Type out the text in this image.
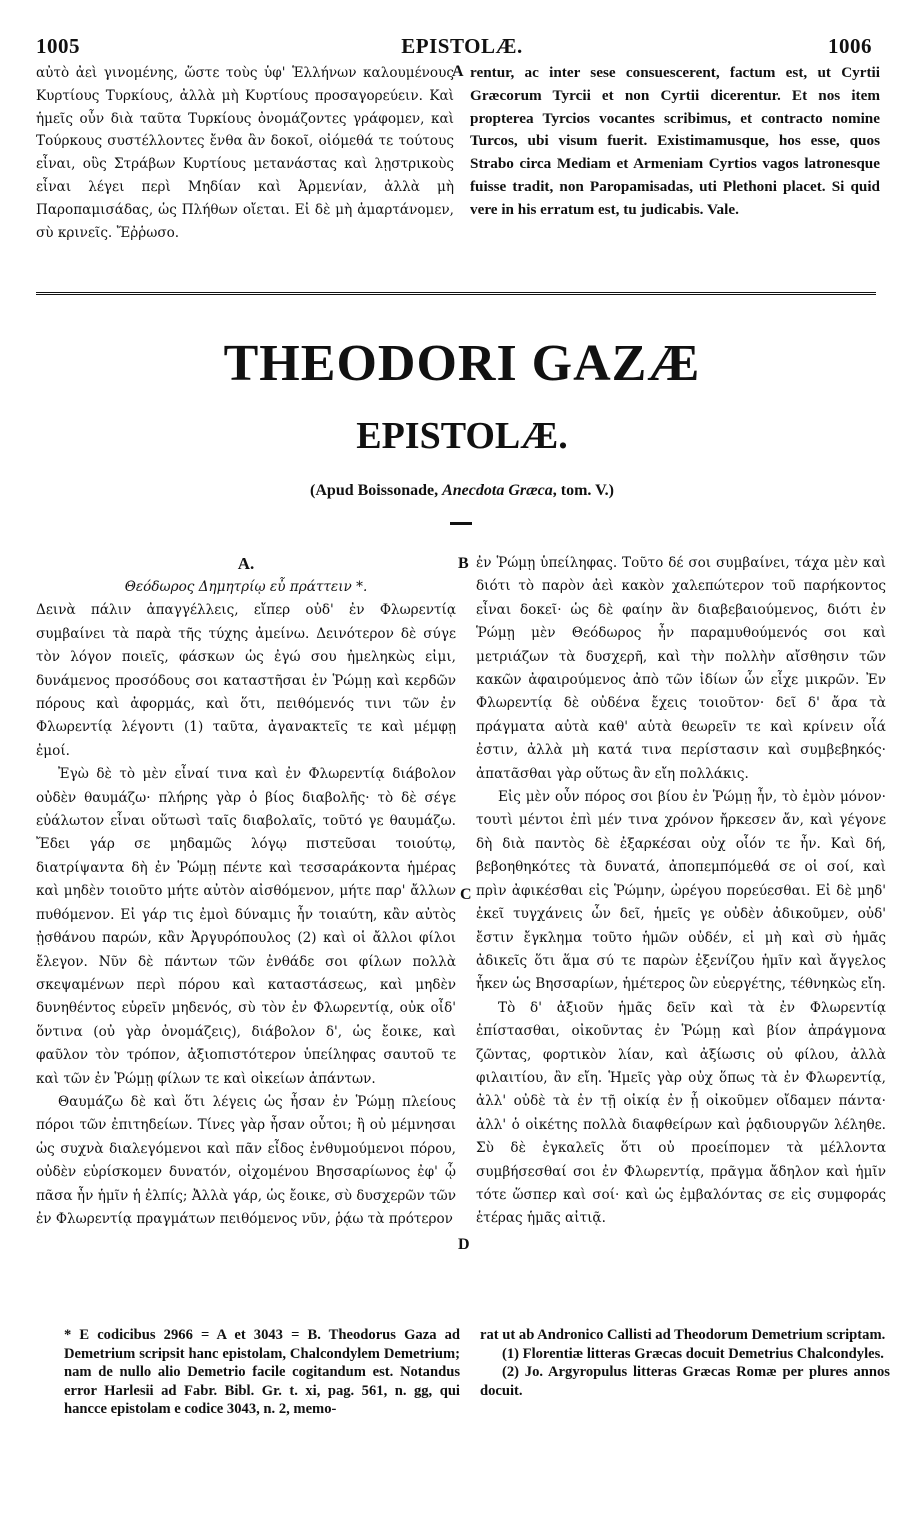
1005	EPISTOLÆ.	1006

αὐτὸ ἀεὶ γινομένης, ὥστε τοὺς ὑφ' Ἑλλήνων καλουμένους Κυρτίους Τυρκίους, ἀλλὰ μὴ Κυρτίους προσαγορεύειν. Καὶ ἡμεῖς οὖν διὰ ταῦτα Τυρκίους ὀνομάζοντες γράφομεν, καὶ Τούρκους συστέλλοντες ἔνθα ἂν δοκοῖ, οἰόμεθά τε τούτους εἶναι, οὓς Στράβων Κυρτίους μετανάστας καὶ λῃστρικοὺς εἶναι λέγει περὶ Μηδίαν καὶ Ἀρμενίαν, ἀλλὰ μὴ Παροπαμισάδας, ὡς Πλήθων οἴεται. Εἰ δὲ μὴ ἁμαρτάνομεν, σὺ κρινεῖς. Ἔῤῥωσο.

A rentur, ac inter sese consuescerent, factum est, ut Cyrtii Græcorum Tyrcii et non Cyrtii dicerentur. Et nos item propterea Tyrcios vocantes scribimus, et contracto nomine Turcos, ubi visum fuerit. Existimamusque, hos esse, quos Strabo circa Mediam et Armeniam Cyrtios vagos latronesque fuisse tradit, non Paropamisadas, uti Plethoni placet. Si quid vere in his erratum est, tu judicabis. Vale.

THEODORI GAZÆ
EPISTOLÆ.
(Apud Boissonade, Anecdota Græca, tom. V.)

A.

Θεόδωρος Δημητρίῳ εὖ πράττειν *.

Δεινὰ πάλιν ἀπαγγέλλεις, εἴπερ οὐδ' ἐν Φλωρεντίᾳ συμβαίνει τὰ παρὰ τῆς τύχης ἀμείνω. Δεινότερον δὲ σύγε τὸν λόγον ποιεῖς, φάσκων ὡς ἐγώ σου ἠμεληκὼς εἰμι, δυνάμενος προσόδους σοι καταστῆσαι ἐν Ῥώμῃ καὶ κερδῶν πόρους καὶ ἀφορμάς, καὶ ὅτι, πειθόμενός τινι τῶν ἐν Φλωρεντίᾳ λέγοντι (1) ταῦτα, ἀγανακτεῖς τε καὶ μέμφῃ ἐμοί.

Ἐγὼ δὲ τὸ μὲν εἶναί τινα καὶ ἐν Φλωρεντίᾳ διάβολον οὐδὲν θαυμάζω· πλήρης γὰρ ὁ βίος διαβολῆς· τὸ δὲ σέγε εὐάλωτον εἶναι οὕτωσὶ ταῖς διαβολαῖς, τοῦτό γε θαυμάζω. Ἔδει γάρ σε μηδαμῶς λόγῳ πιστεῦσαι τοιούτῳ, διατρίψαντα δὴ ἐν Ῥώμῃ πέντε καὶ τεσσαράκοντα ἡμέρας καὶ μηδὲν τοιοῦτο μήτε αὐτὸν αἰσθόμενον, μήτε παρ' ἄλλων πυθόμενον. Εἰ γάρ τις ἐμοὶ δύναμις ἦν τοιαύτη, κἂν αὐτὸς ᾐσθάνου παρών, κἂν Ἀργυρόπουλος (2) καὶ οἱ ἄλλοι φίλοι ἔλεγον. Νῦν δὲ πάντων τῶν ἐνθάδε σοι φίλων πολλὰ σκεψαμένων περὶ πόρου καὶ καταστάσεως, καὶ μηδὲν δυνηθέντος εὑρεῖν μηδενός, σὺ τὸν ἐν Φλωρεντίᾳ, οὐκ οἶδ' ὅντινα (οὐ γὰρ ὀνομάζεις), διάβολον δ', ὡς ἔοικε, καὶ φαῦλον τὸν τρόπον, ἀξιοπιστότερον ὑπείληφας σαυτοῦ τε καὶ τῶν ἐν Ῥώμῃ φίλων τε καὶ οἰκείων ἁπάντων.

Θαυμάζω δὲ καὶ ὅτι λέγεις ὡς ἦσαν ἐν Ῥώμῃ πλείους πόροι τῶν ἐπιτηδείων. Τίνες γὰρ ἦσαν οὗτοι; ἢ οὐ μέμνησαι ὡς συχνὰ διαλεγόμενοι καὶ πᾶν εἶδος ἐνθυμούμενοι πόρου, οὐδὲν εὑρίσκομεν δυνατόν, οἰχομένου Βησσαρίωνος ἐφ' ᾧ πᾶσα ἦν ἡμῖν ἡ ἐλπίς; Ἀλλὰ γάρ, ὡς ἔοικε, σὺ δυσχερῶν τῶν ἐν Φλωρεντίᾳ πραγμάτων πειθόμενος νῦν, ῥᾴω τὰ πρότερον

B
C
D

ἐν Ῥώμῃ ὑπείληφας. Τοῦτο δέ σοι συμβαίνει, τάχα μὲν καὶ διότι τὸ παρὸν ἀεὶ κακὸν χαλεπώτερον τοῦ παρήκοντος εἶναι δοκεῖ· ὡς δὲ φαίην ἂν διαβεβαιούμενος, διότι ἐν Ῥώμῃ μὲν Θεόδωρος ἦν παραμυθούμενός σοι καὶ μετριάζων τὰ δυσχερῆ, καὶ τὴν πολλὴν αἴσθησιν τῶν κακῶν ἀφαιρούμενος ἀπὸ τῶν ἰδίων ὧν εἶχε μικρῶν. Ἐν Φλωρεντίᾳ δὲ οὐδένα ἔχεις τοιοῦτον· δεῖ δ' ἄρα τὰ πράγματα αὐτὰ καθ' αὑτὰ θεωρεῖν τε καὶ κρίνειν οἷά ἐστιν, ἀλλὰ μὴ κατά τινα περίστασιν καὶ συμβεβηκός· ἀπατᾶσθαι γὰρ οὕτως ἂν εἴη πολλάκις.

Εἰς μὲν οὖν πόρος σοι βίου ἐν Ῥώμῃ ἦν, τὸ ἐμὸν μόνον· τουτὶ μέντοι ἐπὶ μέν τινα χρόνον ἤρκεσεν ἄν, καὶ γέγονε δὴ διὰ παντὸς δὲ ἐξαρκέσαι οὐχ οἷόν τε ἦν. Καὶ δή, βεβοηθηκότες τὰ δυνατά, ἀποπεμπόμεθά σε οἱ σοί, καὶ πρὶν ἀφικέσθαι εἰς Ῥώμην, ὠρέγου πορεύεσθαι. Εἰ δὲ μηδ' ἐκεῖ τυγχάνεις ὧν δεῖ, ἡμεῖς γε οὐδὲν ἀδικοῦμεν, οὐδ' ἔστιν ἔγκλημα τοῦτο ἡμῶν οὐδέν, εἰ μὴ καὶ σὺ ἡμᾶς ἀδικεῖς ὅτι ἅμα σύ τε παρὼν ἐξενίζου ἡμῖν καὶ ἄγγελος ἧκεν ὡς Βησσαρίων, ἡμέτερος ὢν εὐεργέτης, τέθνηκὼς εἴη.

Τὸ δ' ἀξιοῦν ἡμᾶς δεῖν καὶ τὰ ἐν Φλωρεντίᾳ ἐπίστασθαι, οἰκοῦντας ἐν Ῥώμῃ καὶ βίον ἀπράγμονα ζῶντας, φορτικὸν λίαν, καὶ ἀξίωσις οὐ φίλου, ἀλλὰ φιλαιτίου, ἂν εἴη. Ἡμεῖς γὰρ οὐχ ὅπως τὰ ἐν Φλωρεντίᾳ, ἀλλ' οὐδὲ τὰ ἐν τῇ οἰκίᾳ ἐν ᾗ οἰκοῦμεν οἴδαμεν πάντα· ἀλλ' ὁ οἰκέτης πολλὰ διαφθείρων καὶ ῥᾳδιουργῶν λέληθε. Σὺ δὲ ἐγκαλεῖς ὅτι οὐ προείπομεν τὰ μέλλοντα συμβήσεσθαί σοι ἐν Φλωρεντίᾳ, πρᾶγμα ἄδηλον καὶ ἡμῖν τότε ὥσπερ καὶ σοί· καὶ ὡς ἐμβαλόντας σε εἰς συμφοράς ἑτέρας ἡμᾶς αἰτιᾷ.

* E codicibus 2966 = A et 3043 = B. Theodorus Gaza ad Demetrium scripsit hanc epistolam, Chalcondylem Demetrium; nam de nullo alio Demetrio facile cogitandum est. Notandus error Harlesii ad Fabr. Bibl. Gr. t. xi, pag. 561, n. gg, qui hancce epistolam e codice 3043, n. 2, memo-

rat ut ab Andronico Callisti ad Theodorum Demetrium scriptam.

(1) Florentiæ litteras Græcas docuit Demetrius Chalcondyles.

(2) Jo. Argyropulus litteras Græcas Romæ per plures annos docuit.
